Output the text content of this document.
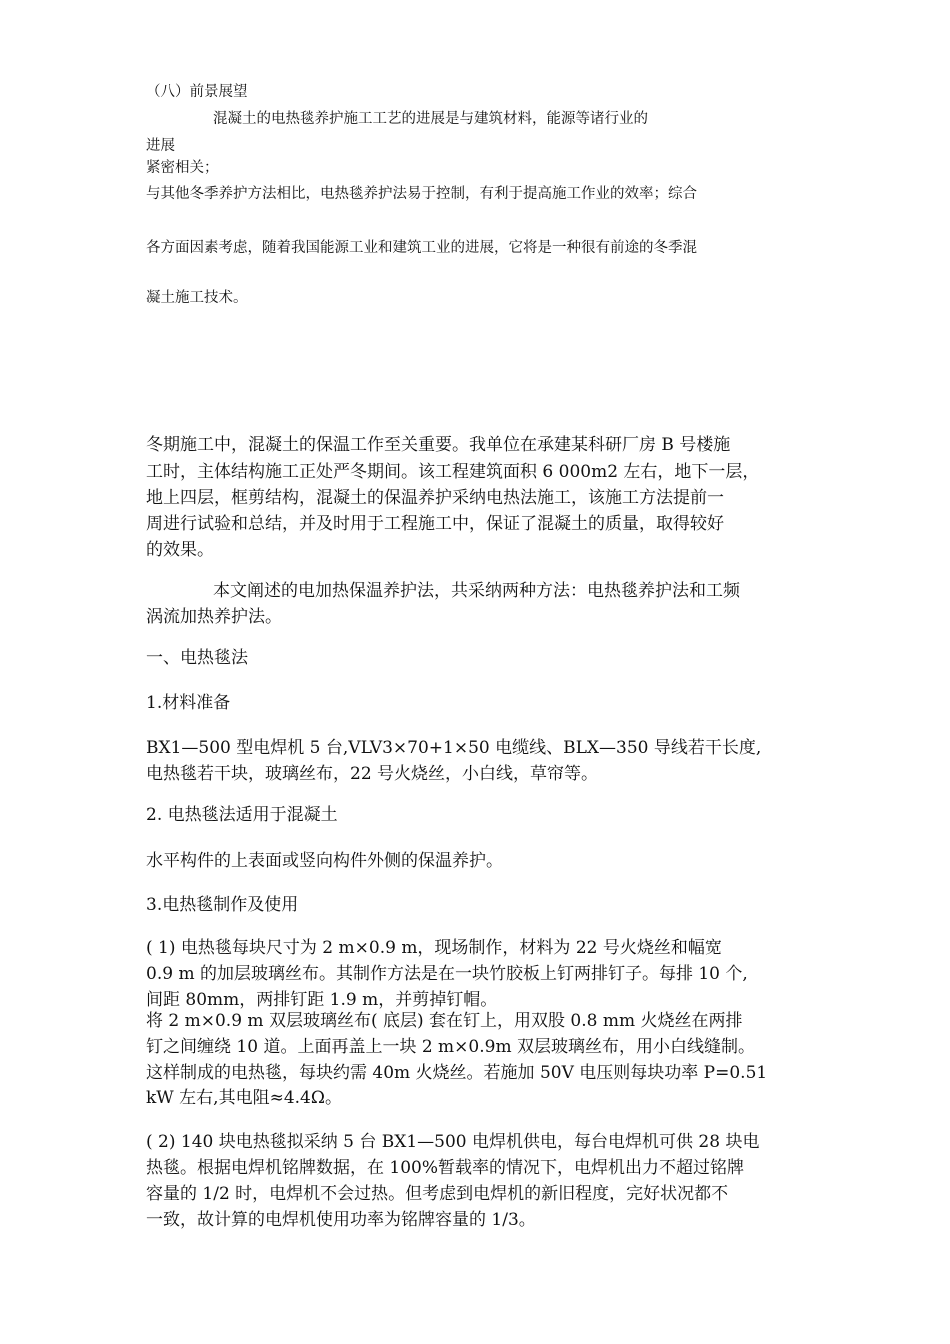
（八）前景展望
混凝土的电热毯养护施工工艺的进展是与建筑材料，能源等诸行业的
进展
紧密相关；
与其他冬季养护方法相比，电热毯养护法易于控制，有利于提高施工作业的效率；综合
各方面因素考虑，随着我国能源工业和建筑工业的进展，它将是一种很有前途的冬季混
凝土施工技术。
冬期施工中，混凝土的保温工作至关重要。我单位在承建某科研厂房 B 号楼施
工时，主体结构施工正处严冬期间。该工程建筑面积 6 000m2 左右，地下一层，
地上四层，框剪结构，混凝土的保温养护采纳电热法施工，该施工方法提前一
周进行试验和总结，并及时用于工程施工中，保证了混凝土的质量，取得较好
的效果。
本文阐述的电加热保温养护法，共采纳两种方法：电热毯养护法和工频
涡流加热养护法。
一、电热毯法
1.材料准备
BX1—500 型电焊机 5 台,VLV3×70+1×50 电缆线、BLX—350 导线若干长度,
电热毯若干块，玻璃丝布，22 号火烧丝，小白线，草帘等。
2. 电热毯法适用于混凝土
水平构件的上表面或竖向构件外侧的保温养护。
3.电热毯制作及使用
( 1) 电热毯每块尺寸为 2 m×0.9 m，现场制作，材料为 22 号火烧丝和幅宽
0.9 m 的加层玻璃丝布。其制作方法是在一块竹胶板上钉两排钉子。每排 10 个,
间距 80mm，两排钉距 1.9 m，并剪掉钉帽。
将 2 m×0.9 m 双层玻璃丝布( 底层) 套在钉上，用双股 0.8 mm 火烧丝在两排
钉之间缠绕 10 道。上面再盖上一块 2 m×0.9m 双层玻璃丝布，用小白线缝制。
这样制成的电热毯，每块约需 40m 火烧丝。若施加 50V 电压则每块功率 P=0.51
kW 左右,其电阻≈4.4Ω。
( 2) 140 块电热毯拟采纳 5 台 BX1—500 电焊机供电，每台电焊机可供 28 块电
热毯。根据电焊机铭牌数据，在 100%暂载率的情况下，电焊机出力不超过铭牌
容量的 1/2 时，电焊机不会过热。但考虑到电焊机的新旧程度，完好状况都不
一致，故计算的电焊机使用功率为铭牌容量的 1/3。
